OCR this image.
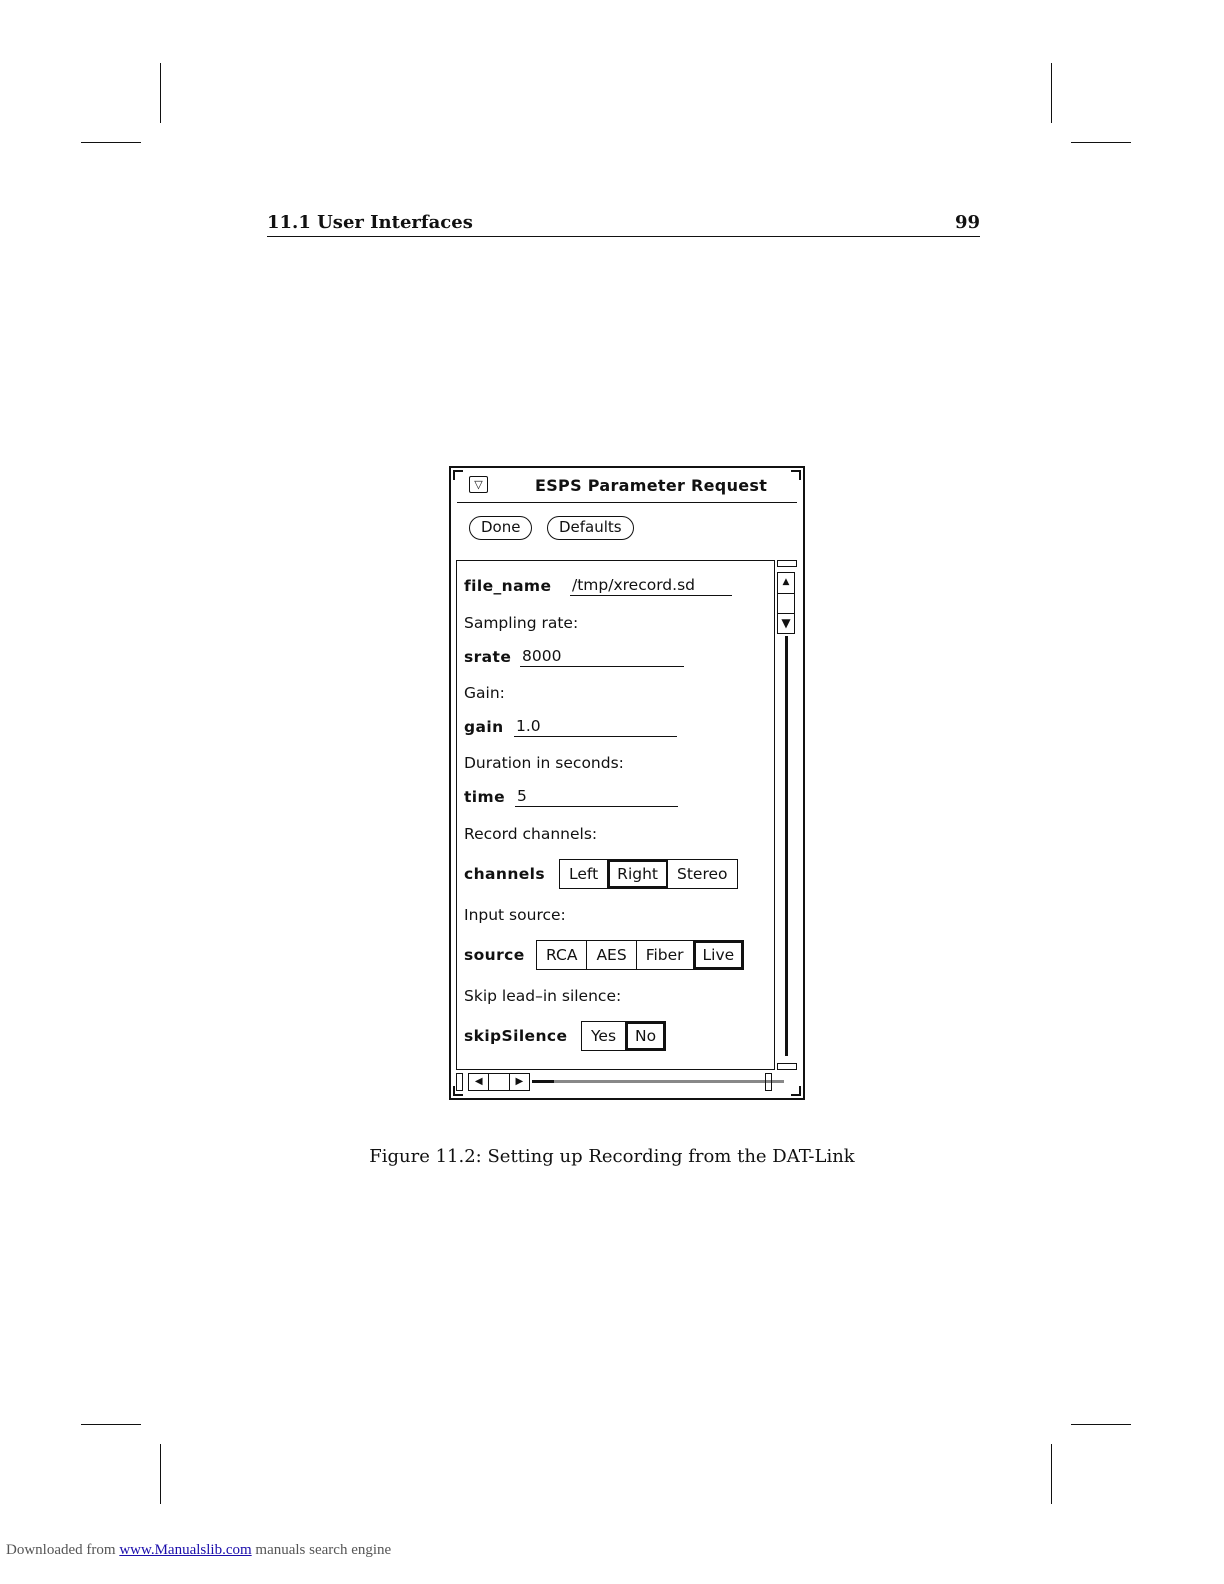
11.1 User Interfaces	99
▽	ESPS Parameter Request
Done	Defaults
file_name /tmp/xrecord.sd
Sampling rate:
srate 8000
Gain:
gain 1.0
Duration in seconds:
time 5
Record channels:
channels	Left	Right	Stereo
Input source:
source	RCA	AES	Fiber	Live
Skip lead–in silence:
skipSilence	Yes	No
▲
▼
◀	▶
Figure 11.2: Setting up Recording from the DAT-Link
Downloaded from www.Manualslib.com manuals search engine
